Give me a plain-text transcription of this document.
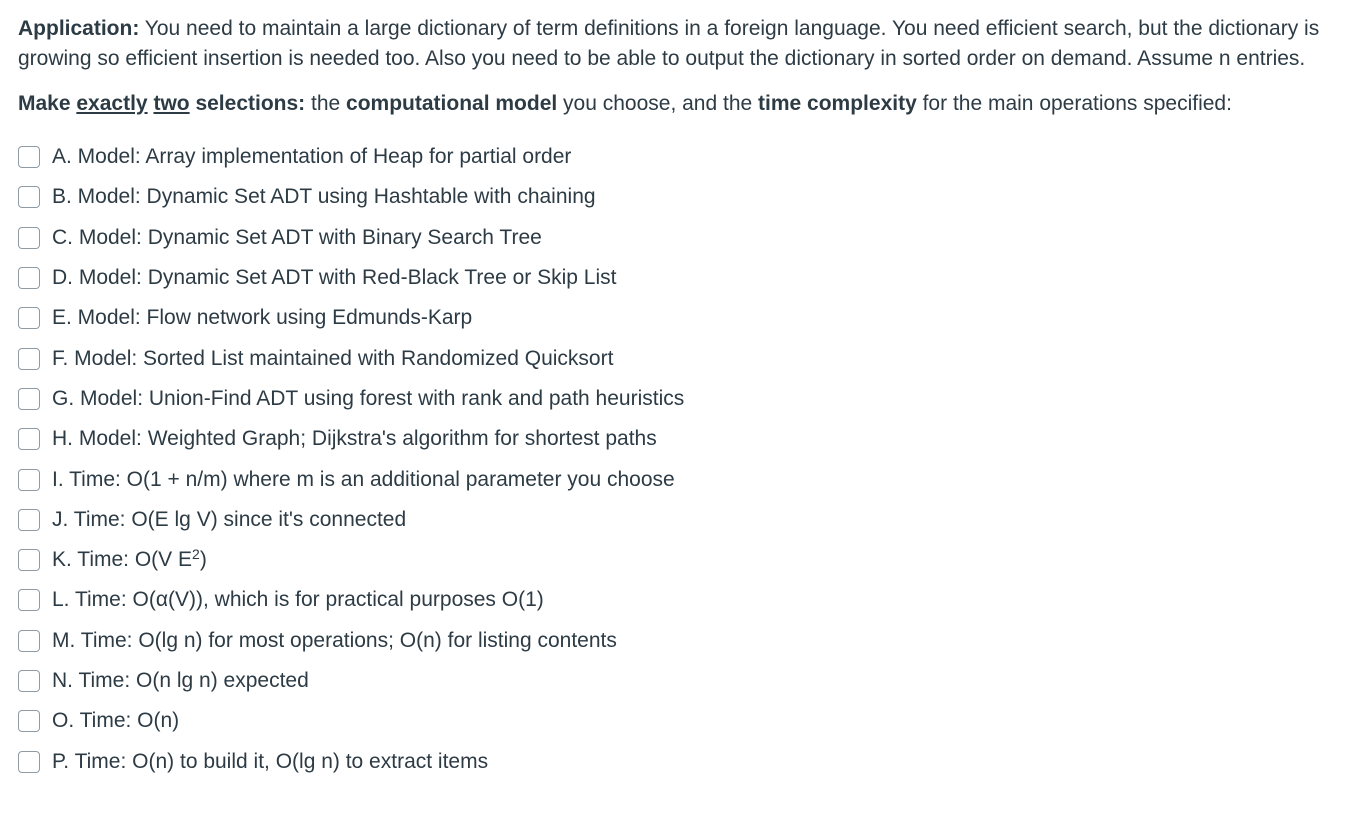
Application: You need to maintain a large dictionary of term definitions in a foreign language. You need efficient search, but the dictionary is growing so efficient insertion is needed too. Also you need to be able to output the dictionary in sorted order on demand. Assume n entries.

Make exactly two selections: the computational model you choose, and the time complexity for the main operations specified:

A. Model: Array implementation of Heap for partial order
B. Model: Dynamic Set ADT using Hashtable with chaining
C. Model: Dynamic Set ADT with Binary Search Tree
D. Model: Dynamic Set ADT with Red-Black Tree or Skip List
E. Model: Flow network using Edmunds-Karp
F. Model: Sorted List maintained with Randomized Quicksort
G. Model: Union-Find ADT using forest with rank and path heuristics
H. Model: Weighted Graph; Dijkstra's algorithm for shortest paths
I. Time: O(1 + n/m) where m is an additional parameter you choose
J. Time: O(E lg V) since it's connected
K. Time: O(V $E^2$)
L. Time: O(α(V)), which is for practical purposes O(1)
M. Time: O(lg n) for most operations; O(n) for listing contents
N. Time: O(n lg n) expected
O. Time: O(n)
P. Time: O(n) to build it, O(lg n) to extract items
